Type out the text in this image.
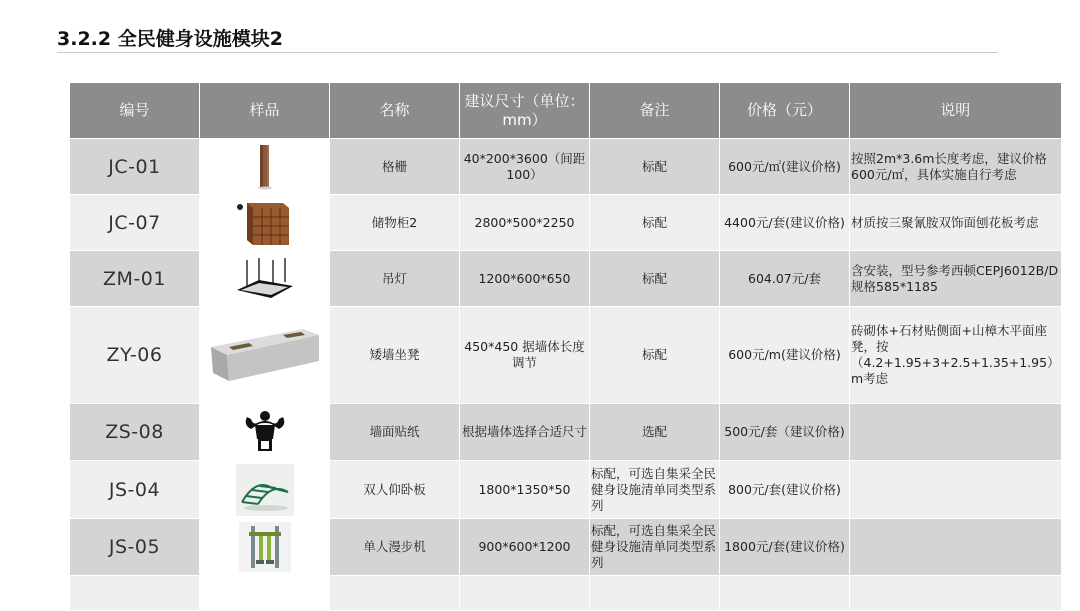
3.2.2 全民健身设施模块2
编号	样品	名称	建议尺寸（单位：mm）	备注	价格（元）	说明
JC-01		格栅	40*200*3600（间距100）	标配	600元/㎡(建议价格)	按照2m*3.6m长度考虑，建议价格600元/㎡，具体实施自行考虑
JC-07		储物柜2	2800*500*2250	标配	4400元/套(建议价格)	材质按三聚氰胺双饰面刨花板考虑
ZM-01		吊灯	1200*600*650	标配	604.07元/套	含安装，型号参考西顿CEPJ6012B/D规格585*1185
ZY-06		矮墙坐凳	450*450 据墙体长度调节	标配	600元/m(建议价格)	砖砌体+石材贴侧面+山樟木平面座凳，按（4.2+1.95+3+2.5+1.35+1.95）m考虑
ZS-08		墙面贴纸	根据墙体选择合适尺寸	选配	500元/套（建议价格)	
JS-04		双人仰卧板	1800*1350*50	标配，可选自集采全民健身设施清单同类型系列	800元/套(建议价格)	
JS-05		单人漫步机	900*600*1200	标配，可选自集采全民健身设施清单同类型系列	1800元/套(建议价格)	
